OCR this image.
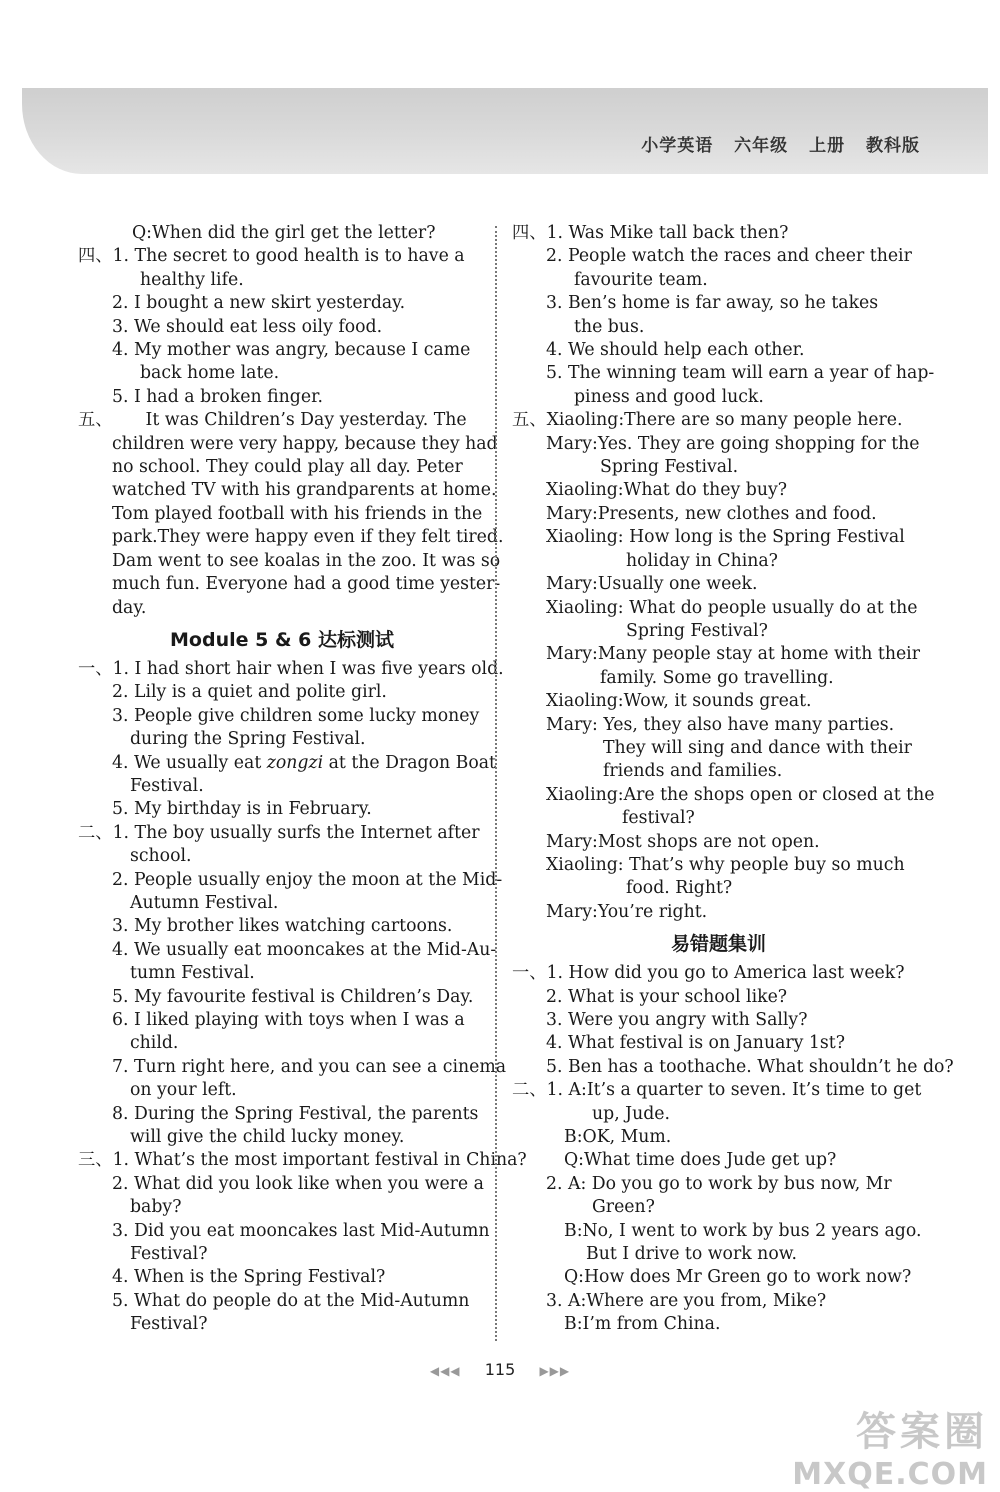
小学英语 六年级 上册 教科版
Q:When did the girl get the letter?
四、1. The secret to good health is to have a
healthy life.
2. I bought a new skirt yesterday.
3. We should eat less oily food.
4. My mother was angry, because I came
back home late.
5. I had a broken finger.
五、      It was Children’s Day yesterday. The
children were very happy, because they had
no school. They could play all day. Peter
watched TV with his grandparents at home.
Tom played football with his friends in the
park.They were happy even if they felt tired.
Dam went to see koalas in the zoo. It was so
much fun. Everyone had a good time yester-
day.
Module 5 & 6 达标测试
一、1. I had short hair when I was five years old.
2. Lily is a quiet and polite girl.
3. People give children some lucky money
during the Spring Festival.
4. We usually eat zongzi at the Dragon Boat
Festival.
5. My birthday is in February.
二、1. The boy usually surfs the Internet after
school.
2. People usually enjoy the moon at the Mid-
Autumn Festival.
3. My brother likes watching cartoons.
4. We usually eat mooncakes at the Mid-Au-
tumn Festival.
5. My favourite festival is Children’s Day.
6. I liked playing with toys when I was a
child.
7. Turn right here, and you can see a cinema
on your left.
8. During the Spring Festival, the parents
will give the child lucky money.
三、1. What’s the most important festival in China?
2. What did you look like when you were a
baby?
3. Did you eat mooncakes last Mid-Autumn
Festival?
4. When is the Spring Festival?
5. What do people do at the Mid-Autumn
Festival?
四、1. Was Mike tall back then?
2. People watch the races and cheer their
favourite team.
3. Ben’s home is far away, so he takes
the bus.
4. We should help each other.
5. The winning team will earn a year of hap-
piness and good luck.
五、Xiaoling:There are so many people here.
Mary:Yes. They are going shopping for the
Spring Festival.
Xiaoling:What do they buy?
Mary:Presents, new clothes and food.
Xiaoling: How long is the Spring Festival
holiday in China?
Mary:Usually one week.
Xiaoling: What do people usually do at the
Spring Festival?
Mary:Many people stay at home with their
family. Some go travelling.
Xiaoling:Wow, it sounds great.
Mary: Yes, they also have many parties.
They will sing and dance with their
friends and families.
Xiaoling:Are the shops open or closed at the
festival?
Mary:Most shops are not open.
Xiaoling: That’s why people buy so much
food. Right?
Mary:You’re right.
易错题集训
一、1. How did you go to America last week?
2. What is your school like?
3. Were you angry with Sally?
4. What festival is on January 1st?
5. Ben has a toothache. What shouldn’t he do?
二、1. A:It’s a quarter to seven. It’s time to get
up, Jude.
B:OK, Mum.
Q:What time does Jude get up?
2. A: Do you go to work by bus now, Mr
Green?
B:No, I went to work by bus 2 years ago.
But I drive to work now.
Q:How does Mr Green go to work now?
3. A:Where are you from, Mike?
B:I’m from China.
◀◀◀ 115 ▶▶▶
答案圈
MXQE.COM
